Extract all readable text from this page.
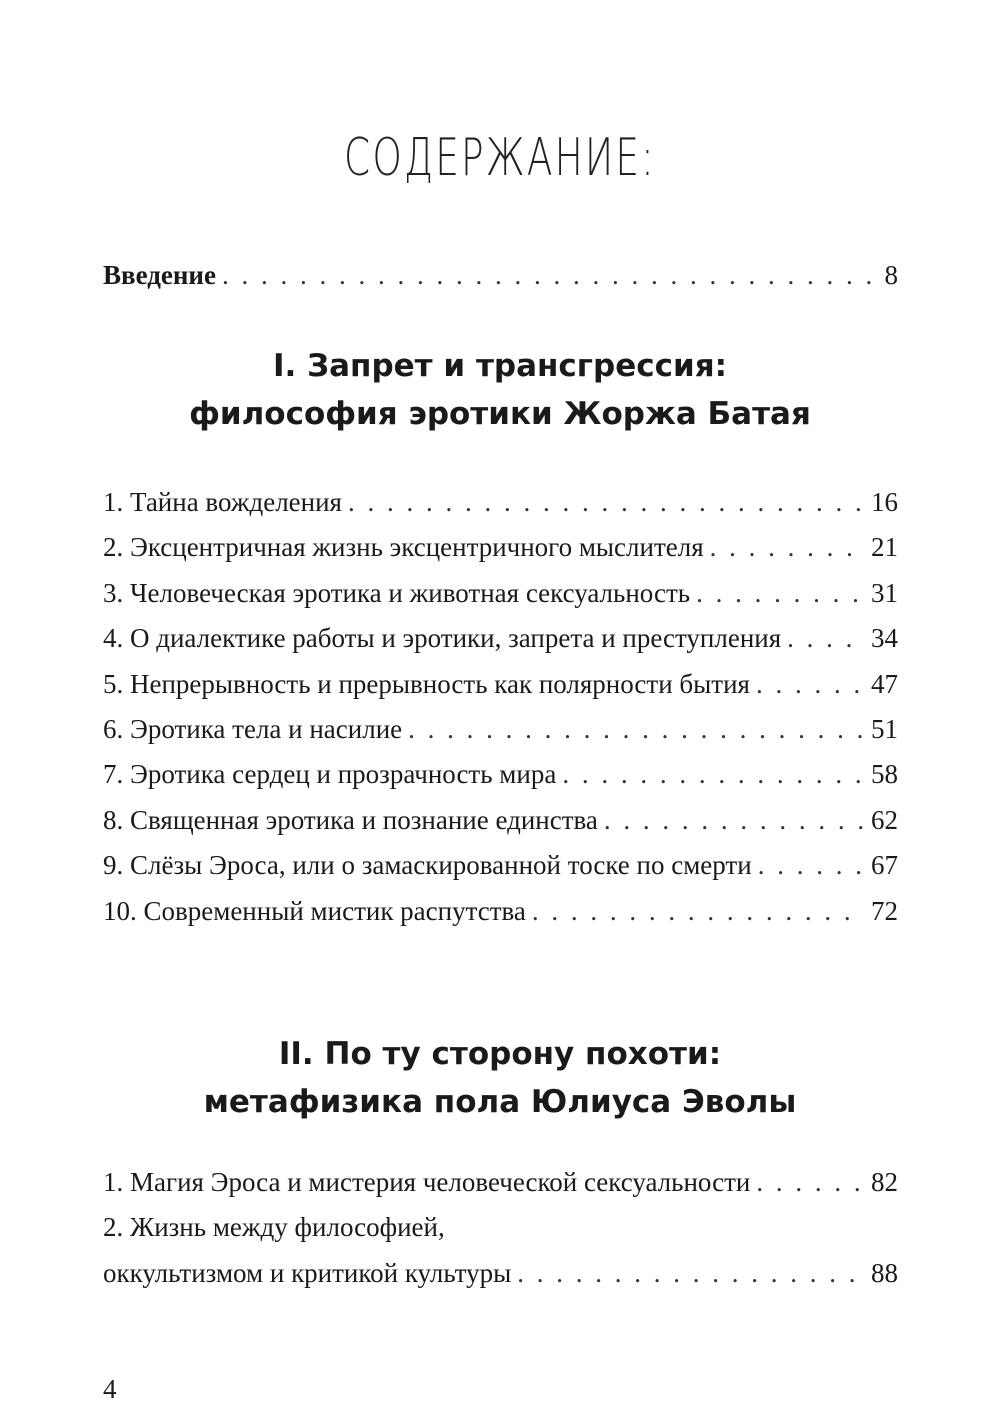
СОДЕРЖАНИЕ:
Введение . . .	8
I. Запрет и трансгрессия:
философия эротики Жоржа Батая
1. Тайна вожделения . . .	16
2. Эксцентричная жизнь эксцентричного мыслителя . . .	21
3. Человеческая эротика и животная сексуальность . . .	31
4. О диалектике работы и эротики, запрета и преступления . . .	34
5. Непрерывность и прерывность как полярности бытия . . .	47
6. Эротика тела и насилие . . .	51
7. Эротика сердец и прозрачность мира . . .	58
8. Священная эротика и познание единства . . .	62
9. Слёзы Эроса, или о замаскированной тоске по смерти . . .	67
10. Современный мистик распутства . . .	72
II. По ту сторону похоти:
метафизика пола Юлиуса Эволы
1. Магия Эроса и мистерия человеческой сексуальности . . .	82
2. Жизнь между философией,
оккультизмом и критикой культуры . . .	88
4
